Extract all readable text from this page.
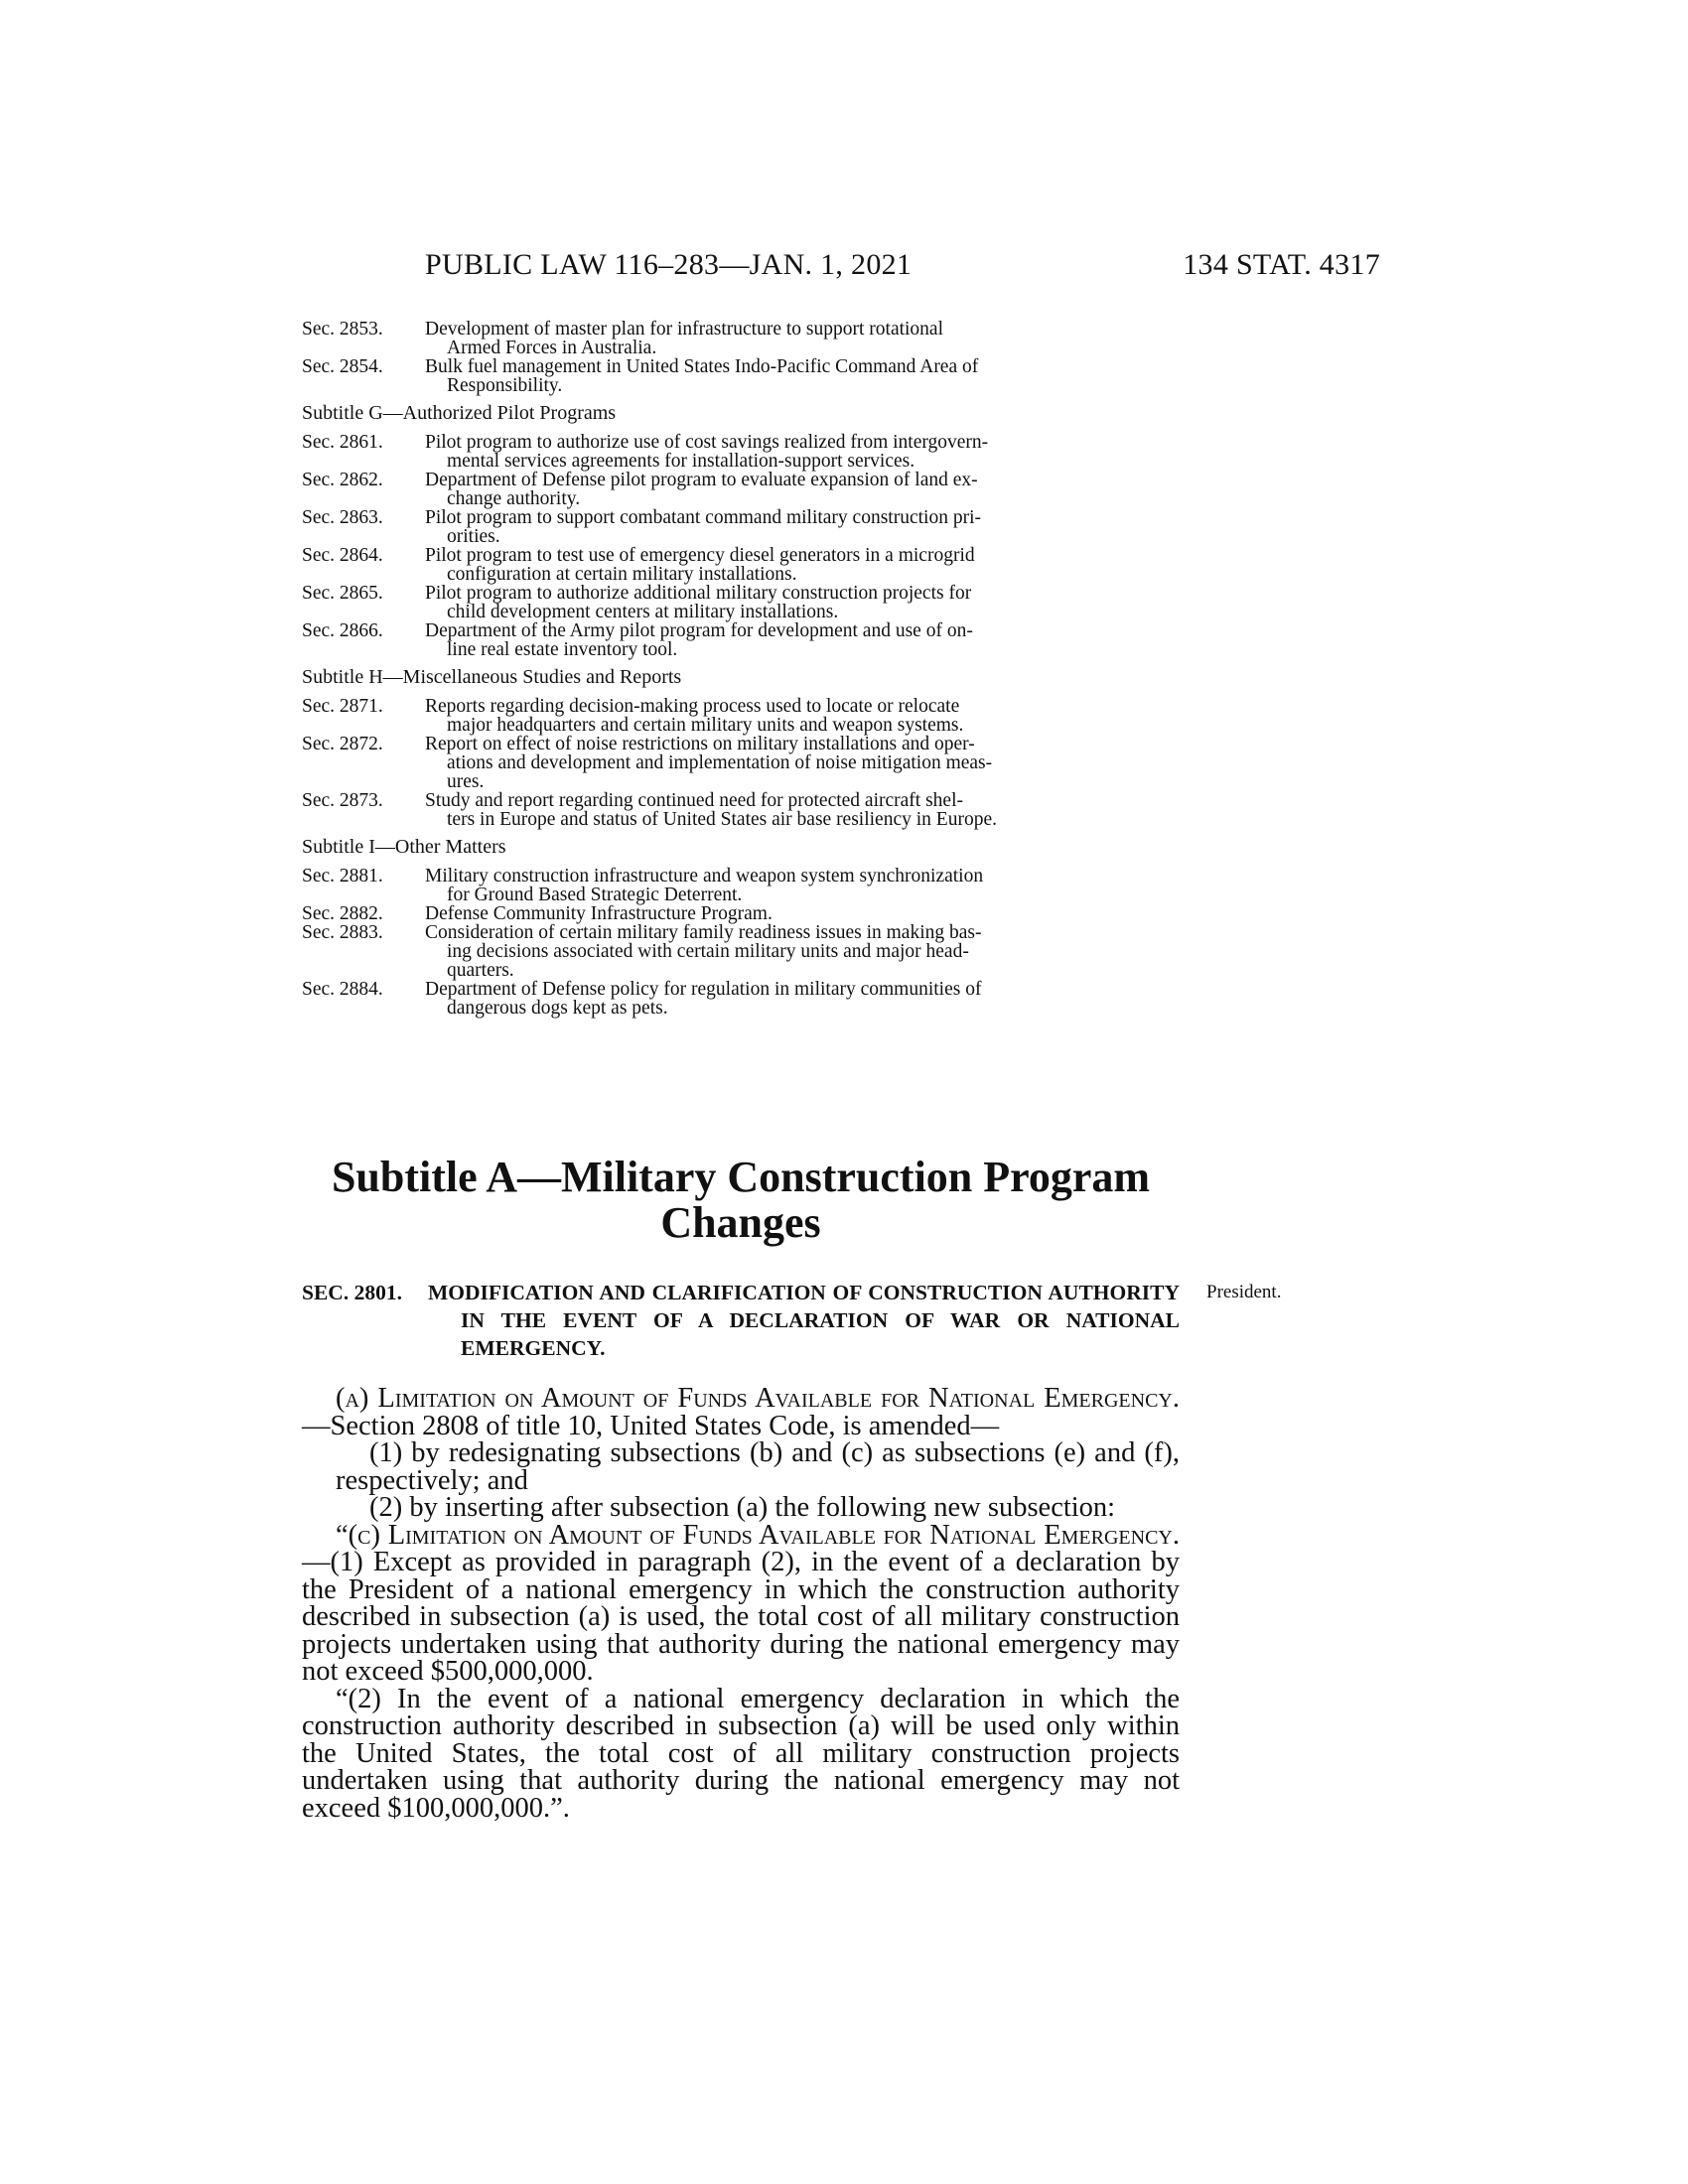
PUBLIC LAW 116–283—JAN. 1, 2021	134 STAT. 4317
Sec. 2853. Development of master plan for infrastructure to support rotational
Armed Forces in Australia.
Sec. 2854. Bulk fuel management in United States Indo-Pacific Command Area of
Responsibility.
Subtitle G—Authorized Pilot Programs
Sec. 2861. Pilot program to authorize use of cost savings realized from intergovern-
mental services agreements for installation-support services.
Sec. 2862. Department of Defense pilot program to evaluate expansion of land ex-
change authority.
Sec. 2863. Pilot program to support combatant command military construction pri-
orities.
Sec. 2864. Pilot program to test use of emergency diesel generators in a microgrid
configuration at certain military installations.
Sec. 2865. Pilot program to authorize additional military construction projects for
child development centers at military installations.
Sec. 2866. Department of the Army pilot program for development and use of on-
line real estate inventory tool.
Subtitle H—Miscellaneous Studies and Reports
Sec. 2871. Reports regarding decision-making process used to locate or relocate
major headquarters and certain military units and weapon systems.
Sec. 2872. Report on effect of noise restrictions on military installations and oper-
ations and development and implementation of noise mitigation meas-
ures.
Sec. 2873. Study and report regarding continued need for protected aircraft shel-
ters in Europe and status of United States air base resiliency in Europe.
Subtitle I—Other Matters
Sec. 2881. Military construction infrastructure and weapon system synchronization
for Ground Based Strategic Deterrent.
Sec. 2882. Defense Community Infrastructure Program.
Sec. 2883. Consideration of certain military family readiness issues in making bas-
ing decisions associated with certain military units and major head-
quarters.
Sec. 2884. Department of Defense policy for regulation in military communities of
dangerous dogs kept as pets.
Subtitle A—Military Construction Program
Changes
SEC. 2801.	MODIFICATION AND CLARIFICATION OF CONSTRUCTION AUTHORITY IN THE EVENT OF A DECLARATION OF WAR OR NATIONAL EMERGENCY.
President.

(a) Limitation on Amount of Funds Available for National Emergency.—Section 2808 of title 10, United States Code, is amended—

(1) by redesignating subsections (b) and (c) as subsections (e) and (f), respectively; and

(2) by inserting after subsection (a) the following new subsection:

“(c) Limitation on Amount of Funds Available for National Emergency.—(1) Except as provided in paragraph (2), in the event of a declaration by the President of a national emergency in which the construction authority described in subsection (a) is used, the total cost of all military construction projects undertaken using that authority during the national emergency may not exceed $500,000,000.

“(2) In the event of a national emergency declaration in which the construction authority described in subsection (a) will be used only within the United States, the total cost of all military construction projects undertaken using that authority during the national emergency may not exceed $100,000,000.”.
